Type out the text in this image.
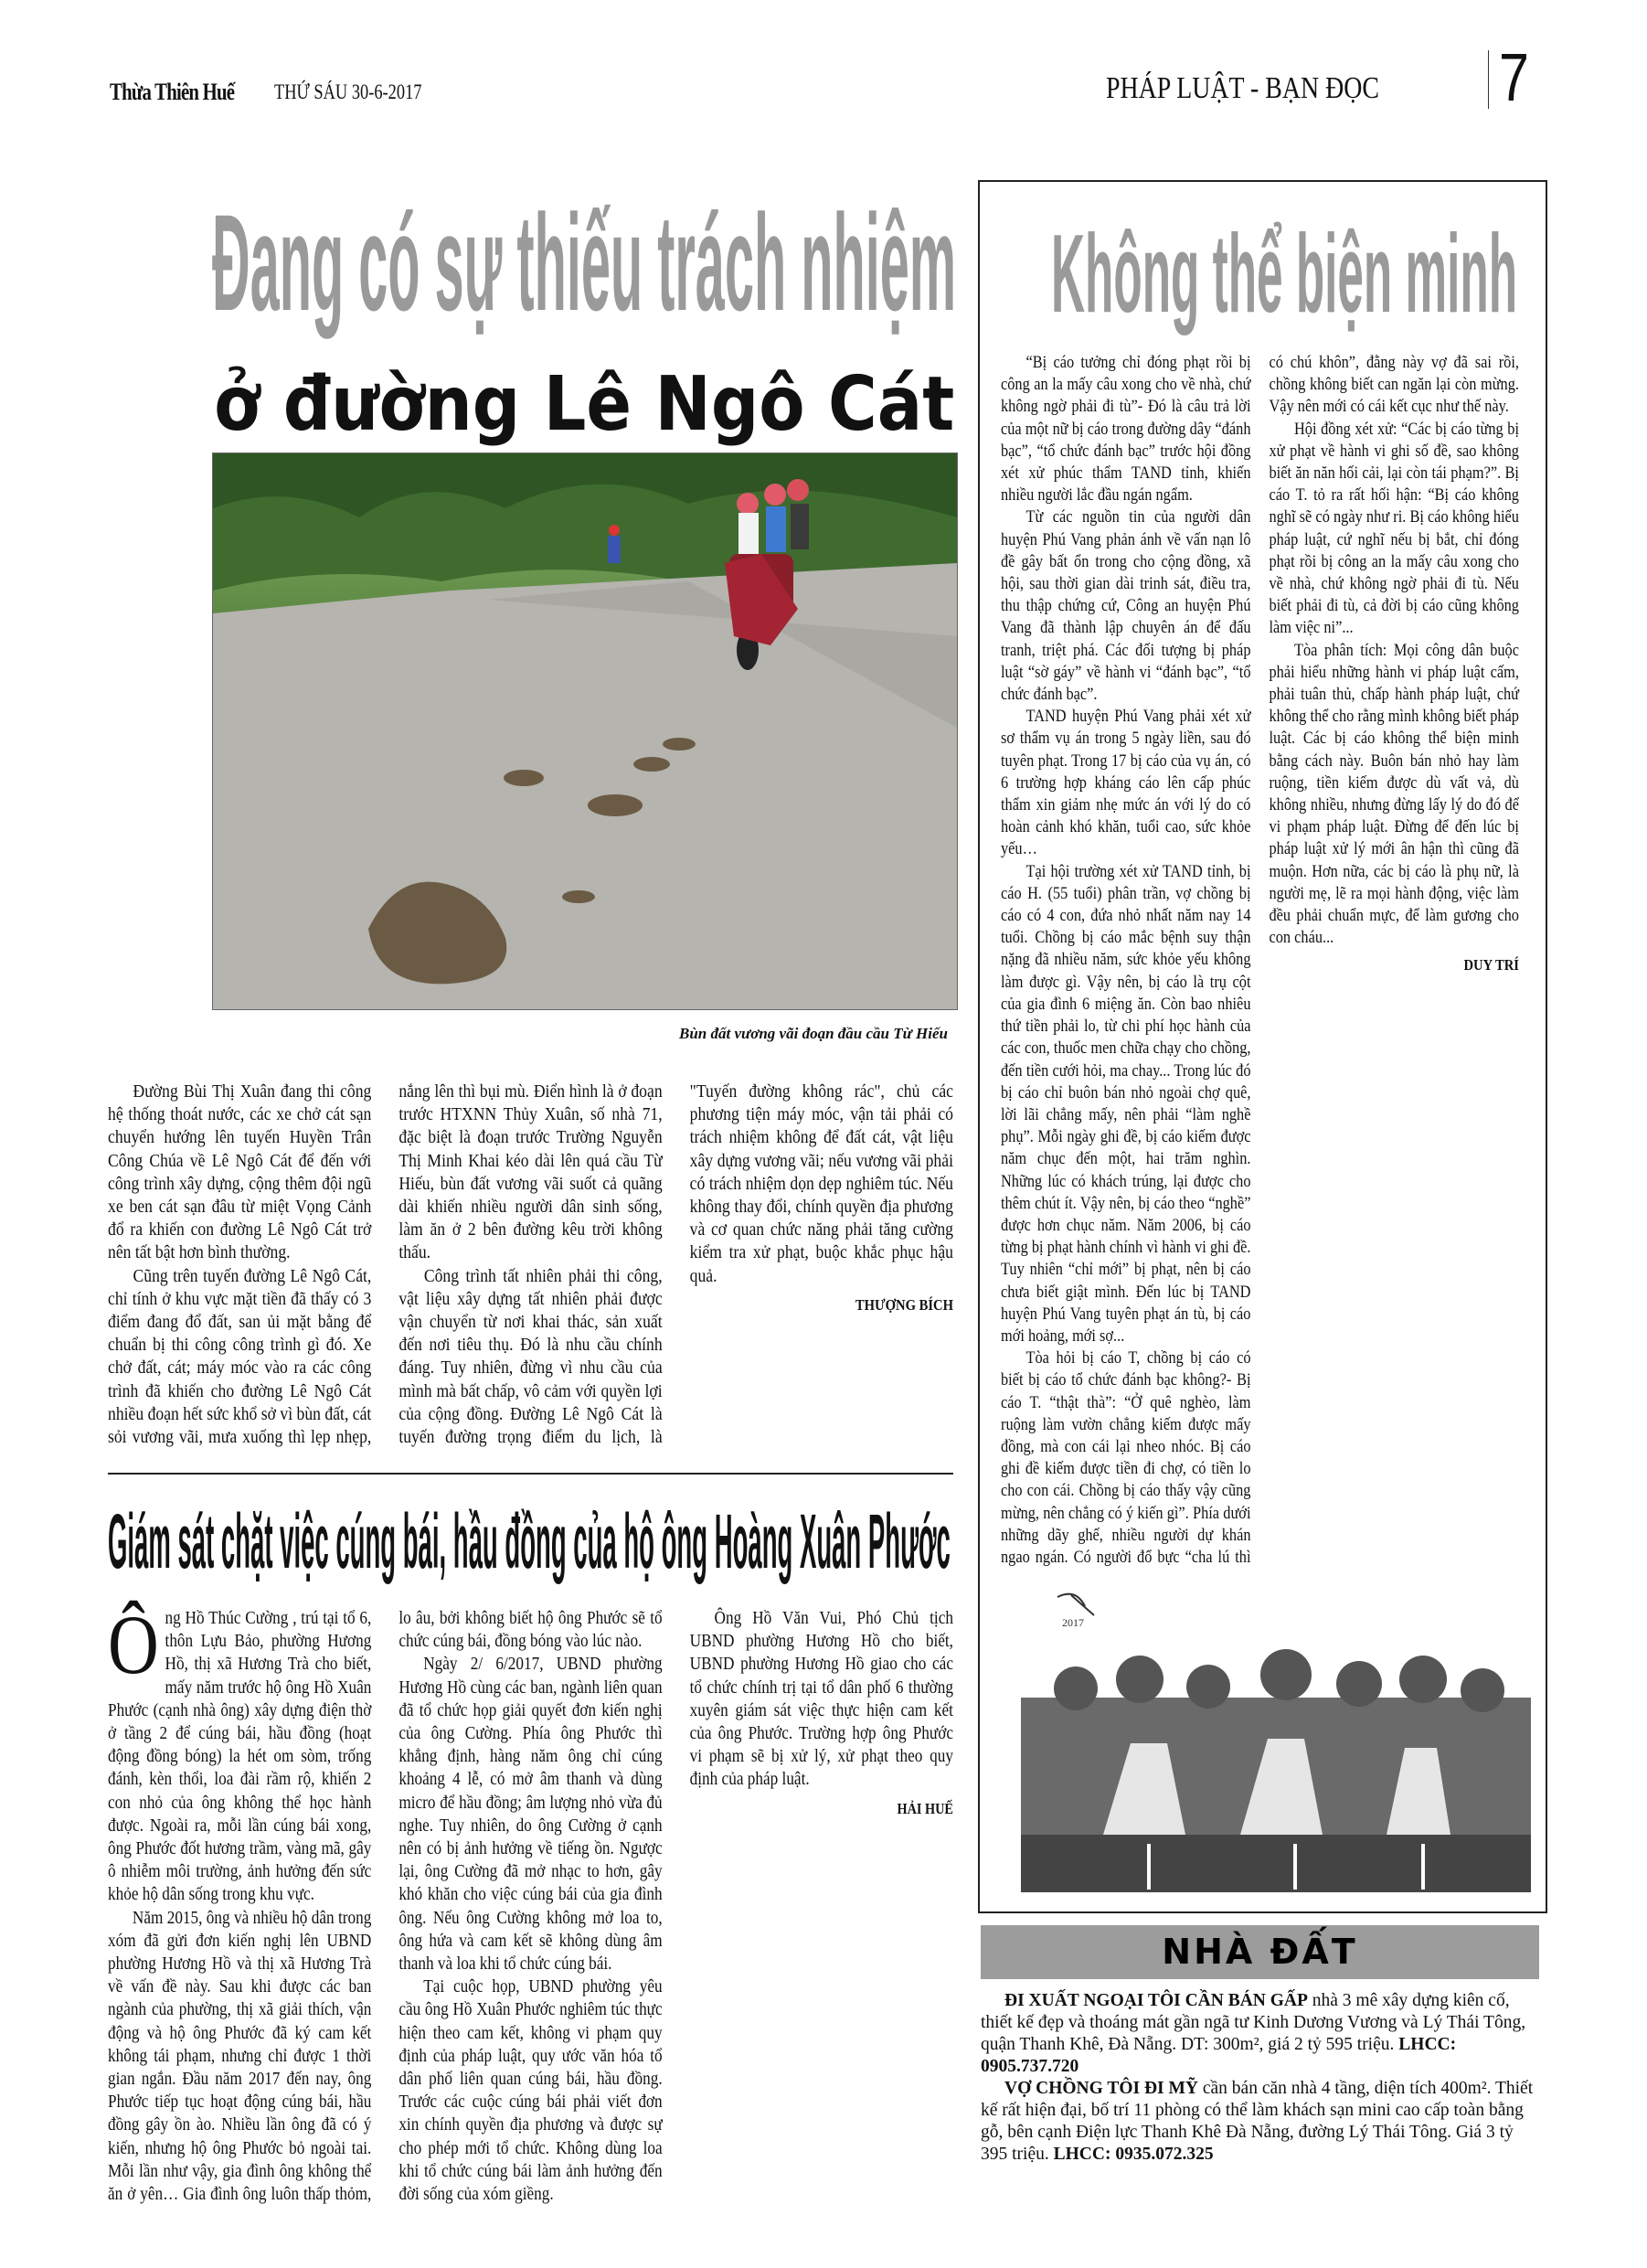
Thừa Thiên Huế THỨ SÁU 30-6-2017	PHÁP LUẬT - BẠN ĐỌC 7
Đang có sự thiếu trách nhiệm
ở đường Lê Ngô Cát
Bùn đất vương vãi đoạn đầu cầu Từ Hiếu

Đường Bùi Thị Xuân đang thi công hệ thống thoát nước, các xe chở cát sạn chuyển hướng lên tuyến Huyền Trân Công Chúa về Lê Ngô Cát để đến với công trình xây dựng, cộng thêm đội ngũ xe ben cát sạn đâu từ miệt Vọng Cảnh đổ ra khiến con đường Lê Ngô Cát trở nên tất bật hơn bình thường.

Cũng trên tuyến đường Lê Ngô Cát, chỉ tính ở khu vực mặt tiền đã thấy có 3 điểm đang đổ đất, san ủi mặt bằng để chuẩn bị thi công công trình gì đó. Xe chở đất, cát; máy móc vào ra các công trình đã khiến cho đường Lê Ngô Cát nhiều đoạn hết sức khổ sở vì bùn đất, cát sỏi vương vãi, mưa xuống thì lẹp nhẹp, nắng lên thì bụi mù. Điển hình là ở đoạn trước HTXNN Thủy Xuân, số nhà 71, đặc biệt là đoạn trước Trường Nguyễn Thị Minh Khai kéo dài lên quá cầu Từ Hiếu, bùn đất vương vãi suốt cả quãng dài khiến nhiều người dân sinh sống, làm ăn ở 2 bên đường kêu trời không thấu.

Công trình tất nhiên phải thi công, vật liệu xây dựng tất nhiên phải được vận chuyển từ nơi khai thác, sản xuất đến nơi tiêu thụ. Đó là nhu cầu chính đáng. Tuy nhiên, đừng vì nhu cầu của mình mà bất chấp, vô cảm với quyền lợi của cộng đồng. Đường Lê Ngô Cát là tuyến đường trọng điểm du lịch, là "Tuyến đường không rác", chủ các phương tiện máy móc, vận tải phải có trách nhiệm không để đất cát, vật liệu xây dựng vương vãi; nếu vương vãi phải có trách nhiệm dọn dẹp nghiêm túc. Nếu không thay đổi, chính quyền địa phương và cơ quan chức năng phải tăng cường kiểm tra xử phạt, buộc khắc phục hậu quả.

THƯỢNG BÍCH
Giám sát chặt việc cúng bái, hầu đồng của hộ ông Hoàng Xuân Phước

Ông Hồ Thúc Cường , trú tại tổ 6, thôn Lựu Bảo, phường Hương Hồ, thị xã Hương Trà cho biết, mấy năm trước hộ ông Hồ Xuân Phước (cạnh nhà ông) xây dựng điện thờ ở tầng 2 để cúng bái, hầu đồng (hoạt động đồng bóng) la hét om sòm, trống đánh, kèn thổi, loa đài rầm rộ, khiến 2 con nhỏ của ông không thể học hành được. Ngoài ra, mỗi lần cúng bái xong, ông Phước đốt hương trầm, vàng mã, gây ô nhiễm môi trường, ảnh hưởng đến sức khỏe hộ dân sống trong khu vực.

Năm 2015, ông và nhiều hộ dân trong xóm đã gửi đơn kiến nghị lên UBND phường Hương Hồ và thị xã Hương Trà về vấn đề này. Sau khi được các ban ngành của phường, thị xã giải thích, vận động và hộ ông Phước đã ký cam kết không tái phạm, nhưng chỉ được 1 thời gian ngắn. Đầu năm 2017 đến nay, ông Phước tiếp tục hoạt động cúng bái, hầu đồng gây ồn ào. Nhiều lần ông đã có ý kiến, nhưng hộ ông Phước bỏ ngoài tai. Mỗi lần như vậy, gia đình ông không thể ăn ở yên… Gia đình ông luôn thấp thỏm, lo âu, bởi không biết hộ ông Phước sẽ tổ chức cúng bái, đồng bóng vào lúc nào.

Ngày 2/ 6/2017, UBND phường Hương Hồ cùng các ban, ngành liên quan đã tổ chức họp giải quyết đơn kiến nghị của ông Cường. Phía ông Phước thì khẳng định, hàng năm ông chỉ cúng khoảng 4 lễ, có mở âm thanh và dùng micro để hầu đồng; âm lượng nhỏ vừa đủ nghe. Tuy nhiên, do ông Cường ở cạnh nên có bị ảnh hưởng về tiếng ồn. Ngược lại, ông Cường đã mở nhạc to hơn, gây khó khăn cho việc cúng bái của gia đình ông. Nếu ông Cường không mở loa to, ông hứa và cam kết sẽ không dùng âm thanh và loa khi tổ chức cúng bái.

Tại cuộc họp, UBND phường yêu cầu ông Hồ Xuân Phước nghiêm túc thực hiện theo cam kết, không vi phạm quy định của pháp luật, quy ước văn hóa tổ dân phố liên quan cúng bái, hầu đồng. Trước các cuộc cúng bái phải viết đơn xin chính quyền địa phương và được sự cho phép mới tổ chức. Không dùng loa khi tổ chức cúng bái làm ảnh hưởng đến đời sống của xóm giềng.

Ông Hồ Văn Vui, Phó Chủ tịch UBND phường Hương Hồ cho biết, UBND phường Hương Hồ giao cho các tổ chức chính trị tại tổ dân phố 6 thường xuyên giám sát việc thực hiện cam kết của ông Phước. Trường hợp ông Phước vi phạm sẽ bị xử lý, xử phạt theo quy định của pháp luật.

HẢI HUẾ
Không thể biện minh

“Bị cáo tưởng chỉ đóng phạt rồi bị công an la mấy câu xong cho về nhà, chứ không ngờ phải đi tù”- Đó là câu trả lời của một nữ bị cáo trong đường dây “đánh bạc”, “tổ chức đánh bạc” trước hội đồng xét xử phúc thẩm TAND tỉnh, khiến nhiều người lắc đầu ngán ngẩm.

Từ các nguồn tin của người dân huyện Phú Vang phản ánh về vấn nạn lô đề gây bất ổn trong cho cộng đồng, xã hội, sau thời gian dài trinh sát, điều tra, thu thập chứng cứ, Công an huyện Phú Vang đã thành lập chuyên án để đấu tranh, triệt phá. Các đối tượng bị pháp luật “sờ gáy” về hành vi “đánh bạc”, “tổ chức đánh bạc”.

TAND huyện Phú Vang phải xét xử sơ thẩm vụ án trong 5 ngày liền, sau đó tuyên phạt. Trong 17 bị cáo của vụ án, có 6 trường hợp kháng cáo lên cấp phúc thẩm xin giảm nhẹ mức án với lý do có hoàn cảnh khó khăn, tuổi cao, sức khỏe yếu…

Tại hội trường xét xử TAND tỉnh, bị cáo H. (55 tuổi) phân trần, vợ chồng bị cáo có 4 con, đứa nhỏ nhất năm nay 14 tuổi. Chồng bị cáo mắc bệnh suy thận nặng đã nhiều năm, sức khỏe yếu không làm được gì. Vậy nên, bị cáo là trụ cột của gia đình 6 miệng ăn. Còn bao nhiêu thứ tiền phải lo, từ chi phí học hành của các con, thuốc men chữa chạy cho chồng, đến tiền cưới hỏi, ma chay... Trong lúc đó bị cáo chỉ buôn bán nhỏ ngoài chợ quê, lời lãi chẳng mấy, nên phải “làm nghề phụ”. Mỗi ngày ghi đề, bị cáo kiếm được năm chục đến một, hai trăm nghìn. Những lúc có khách trúng, lại được cho thêm chút ít. Vậy nên, bị cáo theo “nghề” được hơn chục năm. Năm 2006, bị cáo từng bị phạt hành chính vì hành vi ghi đề. Tuy nhiên “chỉ mới” bị phạt, nên bị cáo chưa biết giật mình. Đến lúc bị TAND huyện Phú Vang tuyên phạt án tù, bị cáo mới hoảng, mới sợ...

Tòa hỏi bị cáo T, chồng bị cáo có biết bị cáo tổ chức đánh bạc không?- Bị cáo T. “thật thà”: “Ở quê nghèo, làm ruộng làm vườn chẳng kiếm được mấy đồng, mà con cái lại nheo nhóc. Bị cáo ghi đề kiếm được tiền đi chợ, có tiền lo cho con cái. Chồng bị cáo thấy vậy cũng mừng, nên chẳng có ý kiến gì”. Phía dưới những dãy ghế, nhiều người dự khán ngao ngán. Có người đổ bực “cha lú thì có chú khôn”, đằng này vợ đã sai rồi, chồng không biết can ngăn lại còn mừng. Vậy nên mới có cái kết cục như thế này.

Hội đồng xét xử: “Các bị cáo từng bị xử phạt về hành vi ghi số đề, sao không biết ăn năn hối cải, lại còn tái phạm?”. Bị cáo T. tỏ ra rất hối hận: “Bị cáo không nghĩ sẽ có ngày như ri. Bị cáo không hiểu pháp luật, cứ nghĩ nếu bị bắt, chỉ đóng phạt rồi bị công an la mấy câu xong cho về nhà, chứ không ngờ phải đi tù. Nếu biết phải đi tù, cả đời bị cáo cũng không làm việc ni”...

Tòa phân tích: Mọi công dân buộc phải hiểu những hành vi pháp luật cấm, phải tuân thủ, chấp hành pháp luật, chứ không thể cho rằng mình không biết pháp luật. Các bị cáo không thể biện minh bằng cách này. Buôn bán nhỏ hay làm ruộng, tiền kiếm được dù vất vả, dù không nhiều, nhưng đừng lấy lý do đó để vi phạm pháp luật. Đừng để đến lúc bị pháp luật xử lý mới ân hận thì cũng đã muộn. Hơn nữa, các bị cáo là phụ nữ, là người mẹ, lẽ ra mọi hành động, việc làm đều phải chuẩn mực, để làm gương cho con cháu...

DUY TRÍ
2017
NHÀ ĐẤT

ĐI XUẤT NGOẠI TÔI CẦN BÁN GẤP nhà 3 mê xây dựng kiên cố, thiết kế đẹp và thoáng mát gần ngã tư Kinh Dương Vương và Lý Thái Tông, quận Thanh Khê, Đà Nẵng. DT: 300m², giá 2 tỷ 595 triệu. LHCC: 0905.737.720

VỢ CHỒNG TÔI ĐI MỸ cần bán căn nhà 4 tầng, diện tích 400m². Thiết kế rất hiện đại, bố trí 11 phòng có thể làm khách sạn mini cao cấp toàn bằng gỗ, bên cạnh Điện lực Thanh Khê Đà Nẵng, đường Lý Thái Tông. Giá 3 tỷ 395 triệu. LHCC: 0935.072.325
